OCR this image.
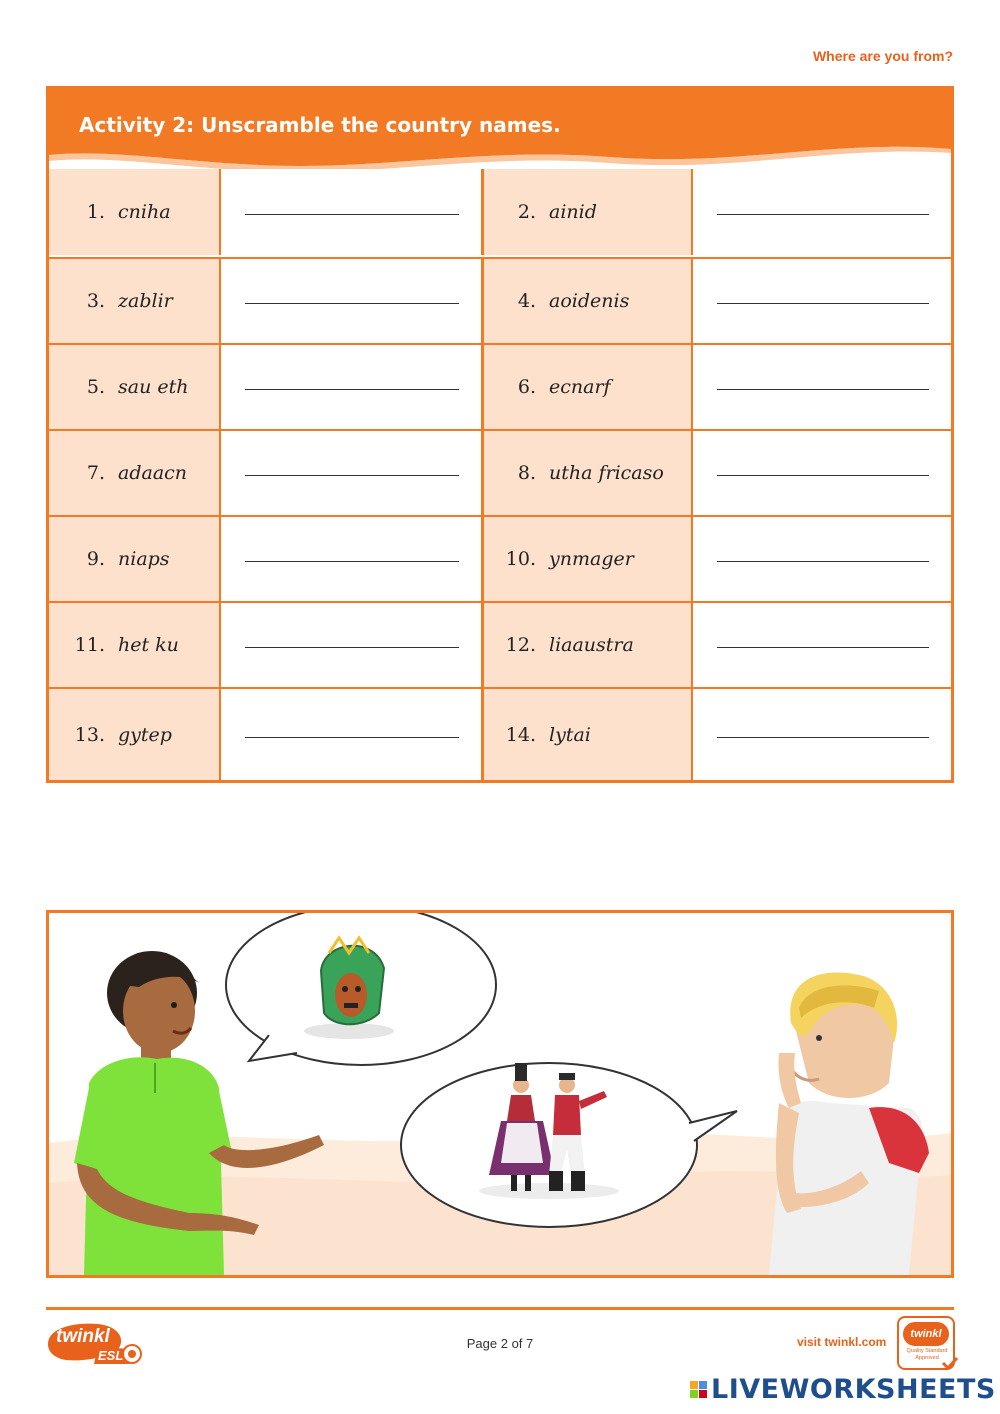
Where are you from?
Activity 2: Unscramble the country names.
1. cniha	2. ainid
3. zablir	4. aoidenis
5. sau eth	6. ecnarf
7. adaacn	8. utha fricaso
9. niaps	10. ynmager
11. het ku	12. liaaustra
13. gytep	14. lytai
twinkl
ESL
Page 2 of 7	visit twinkl.com
twinkl
Quality Standard Approved
LIVEWORKSHEETS
